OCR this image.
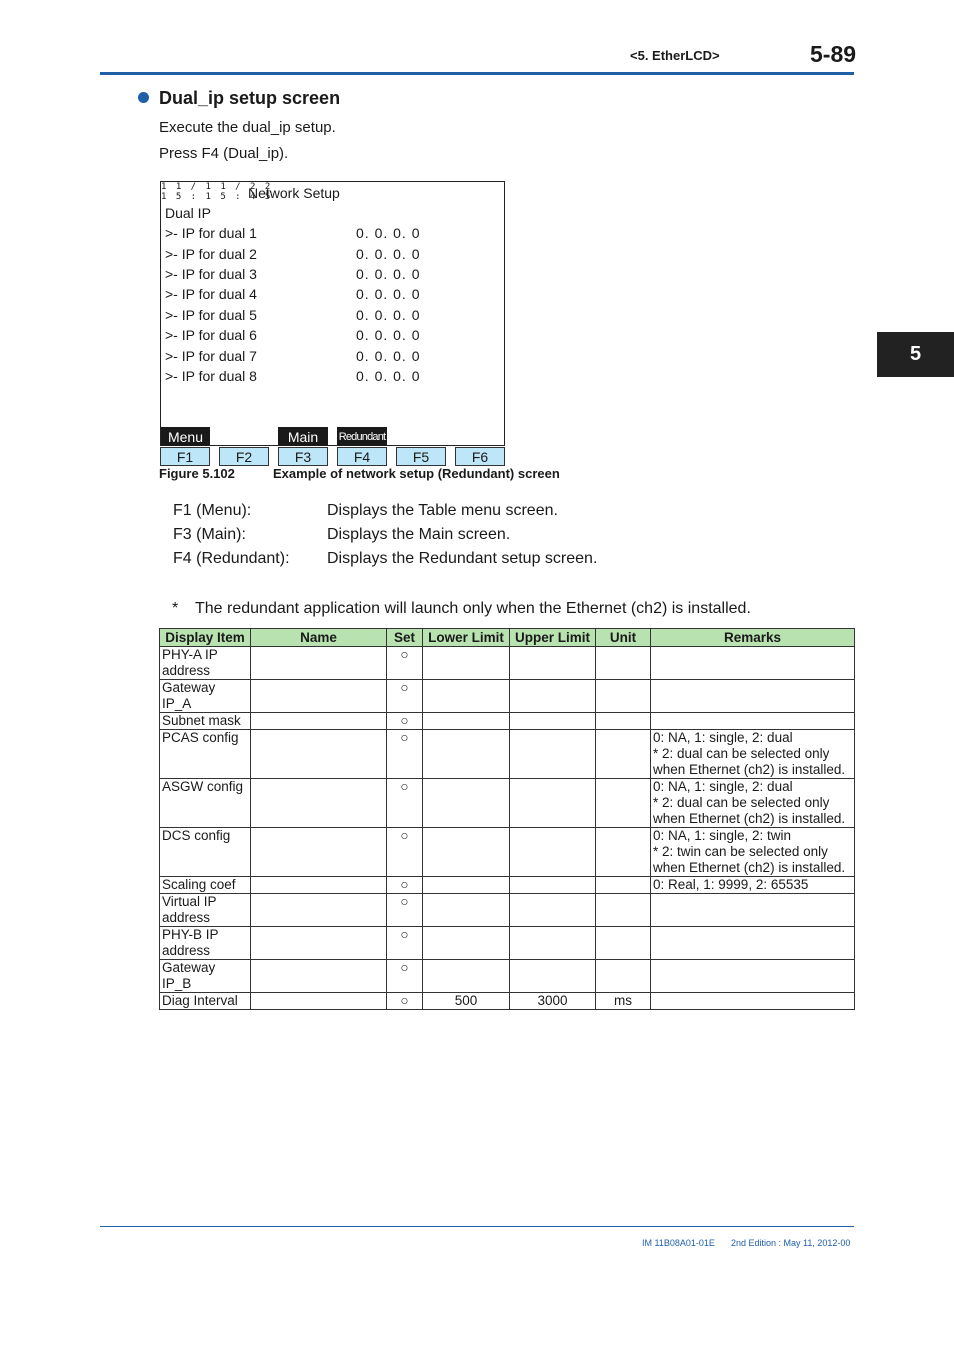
<5. EtherLCD>	5-89
5
Dual_ip setup screen
Execute the dual_ip setup.
Press F4 (Dual_ip).
1 1 / 1 1 / 2 2
1 5 : 1 5 : 4 5
Network Setup
Dual IP
>- IP for dual 1	0. 0. 0. 0
>- IP for dual 2	0. 0. 0. 0
>- IP for dual 3	0. 0. 0. 0
>- IP for dual 4	0. 0. 0. 0
>- IP for dual 5	0. 0. 0. 0
>- IP for dual 6	0. 0. 0. 0
>- IP for dual 7	0. 0. 0. 0
>- IP for dual 8	0. 0. 0. 0
Menu	Main	Redundant
F1	F2	F3	F4	F5	F6
Figure 5.102	Example of network setup (Redundant) screen
F1 (Menu):	Displays the Table menu screen.
F3 (Main):	Displays the Main screen.
F4 (Redundant): Displays the Redundant setup screen.
* The redundant application will launch only when the Ethernet (ch2) is installed.
Display Item	Name	Set	Lower Limit	Upper Limit	Unit	Remarks

PHY-A IP
address		○				

Gateway
IP_A		○				

Subnet mask		○				

PCAS config		○				0: NA, 1: single, 2: dual
* 2: dual can be selected only
when Ethernet (ch2) is installed.

ASGW config		○				0: NA, 1: single, 2: dual
* 2: dual can be selected only
when Ethernet (ch2) is installed.

DCS config		○				0: NA, 1: single, 2: twin
* 2: twin can be selected only
when Ethernet (ch2) is installed.

Scaling coef		○				0: Real, 1: 9999, 2: 65535

Virtual IP
address		○				

PHY-B IP
address		○				

Gateway
IP_B		○				

Diag Interval		○	500	3000	ms	

IM 11B08A01-01E 2nd Edition : May 11, 2012-00
